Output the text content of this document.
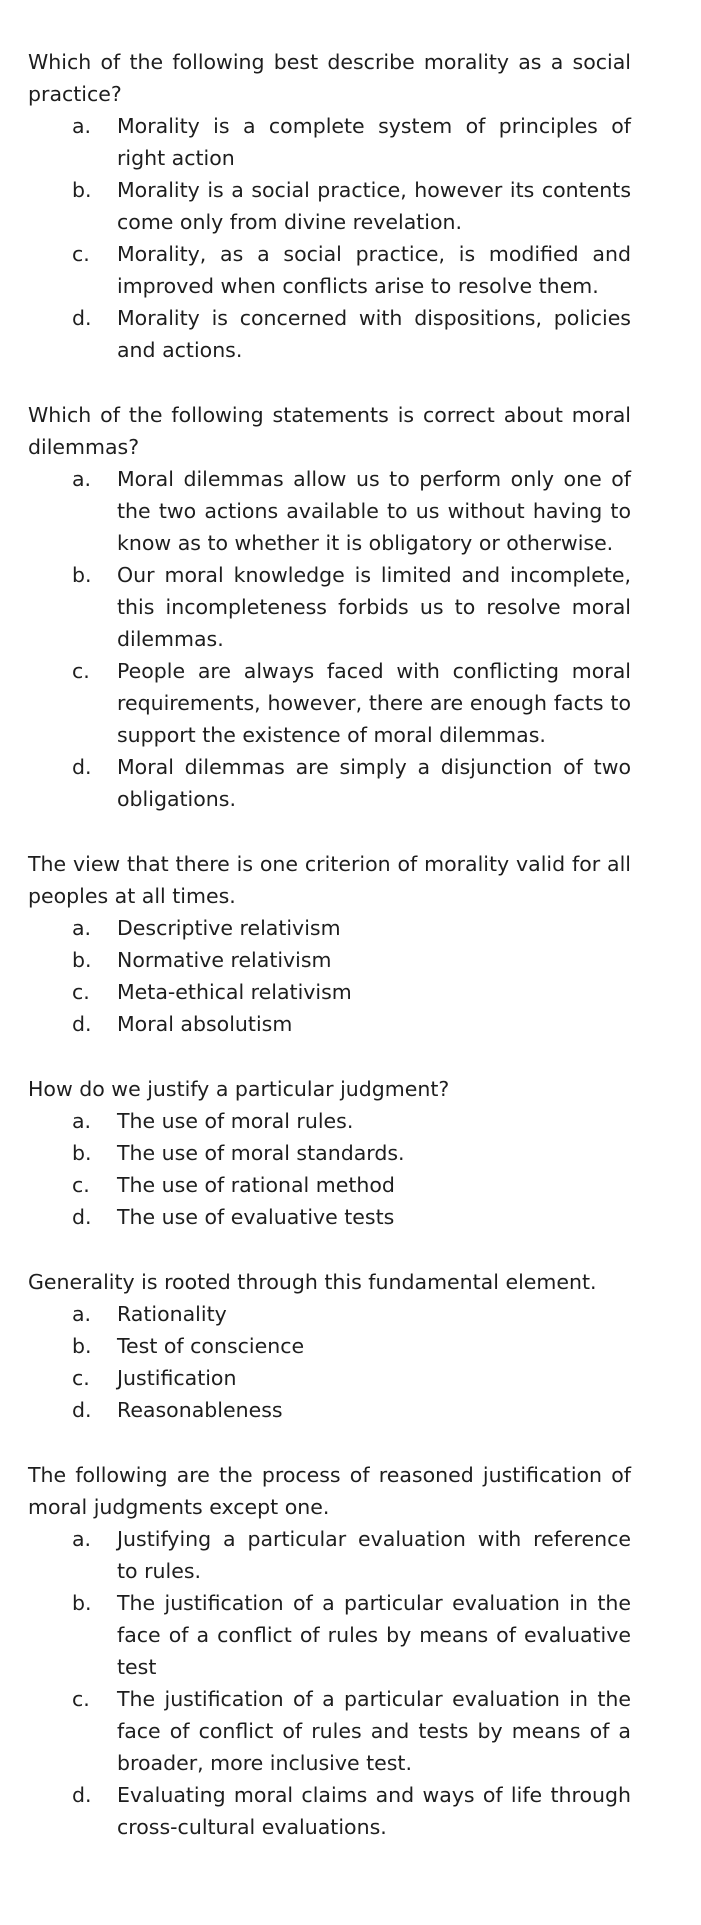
Which of the following best describe morality as a social practice?

a.	Morality is a complete system of principles of right action
b.	Morality is a social practice, however its contents come only from divine revelation.
c.	Morality, as a social practice, is modified and improved when conflicts arise to resolve them.
d.	Morality is concerned with dispositions, policies and actions.

Which of the following statements is correct about moral dilemmas?

a.	Moral dilemmas allow us to perform only one of the two actions available to us without having to know as to whether it is obligatory or otherwise.
b.	Our moral knowledge is limited and incomplete, this incompleteness forbids us to resolve moral dilemmas.
c.	People are always faced with conflicting moral requirements, however, there are enough facts to support the existence of moral dilemmas.
d.	Moral dilemmas are simply a disjunction of two obligations.

The view that there is one criterion of morality valid for all peoples at all times.

a.	Descriptive relativism
b.	Normative relativism
c.	Meta-ethical relativism
d.	Moral absolutism

How do we justify a particular judgment?

a.	The use of moral rules.
b.	The use of moral standards.
c.	The use of rational method
d.	The use of evaluative tests

Generality is rooted through this fundamental element.

a.	Rationality
b.	Test of conscience
c.	Justification
d.	Reasonableness

The following are the process of reasoned justification of moral judgments except one.

a.	Justifying a particular evaluation with reference to rules.
b.	The justification of a particular evaluation in the face of a conflict of rules by means of evaluative test
c.	The justification of a particular evaluation in the face of conflict of rules and tests by means of a broader, more inclusive test.
d.	Evaluating moral claims and ways of life through cross-cultural evaluations.
